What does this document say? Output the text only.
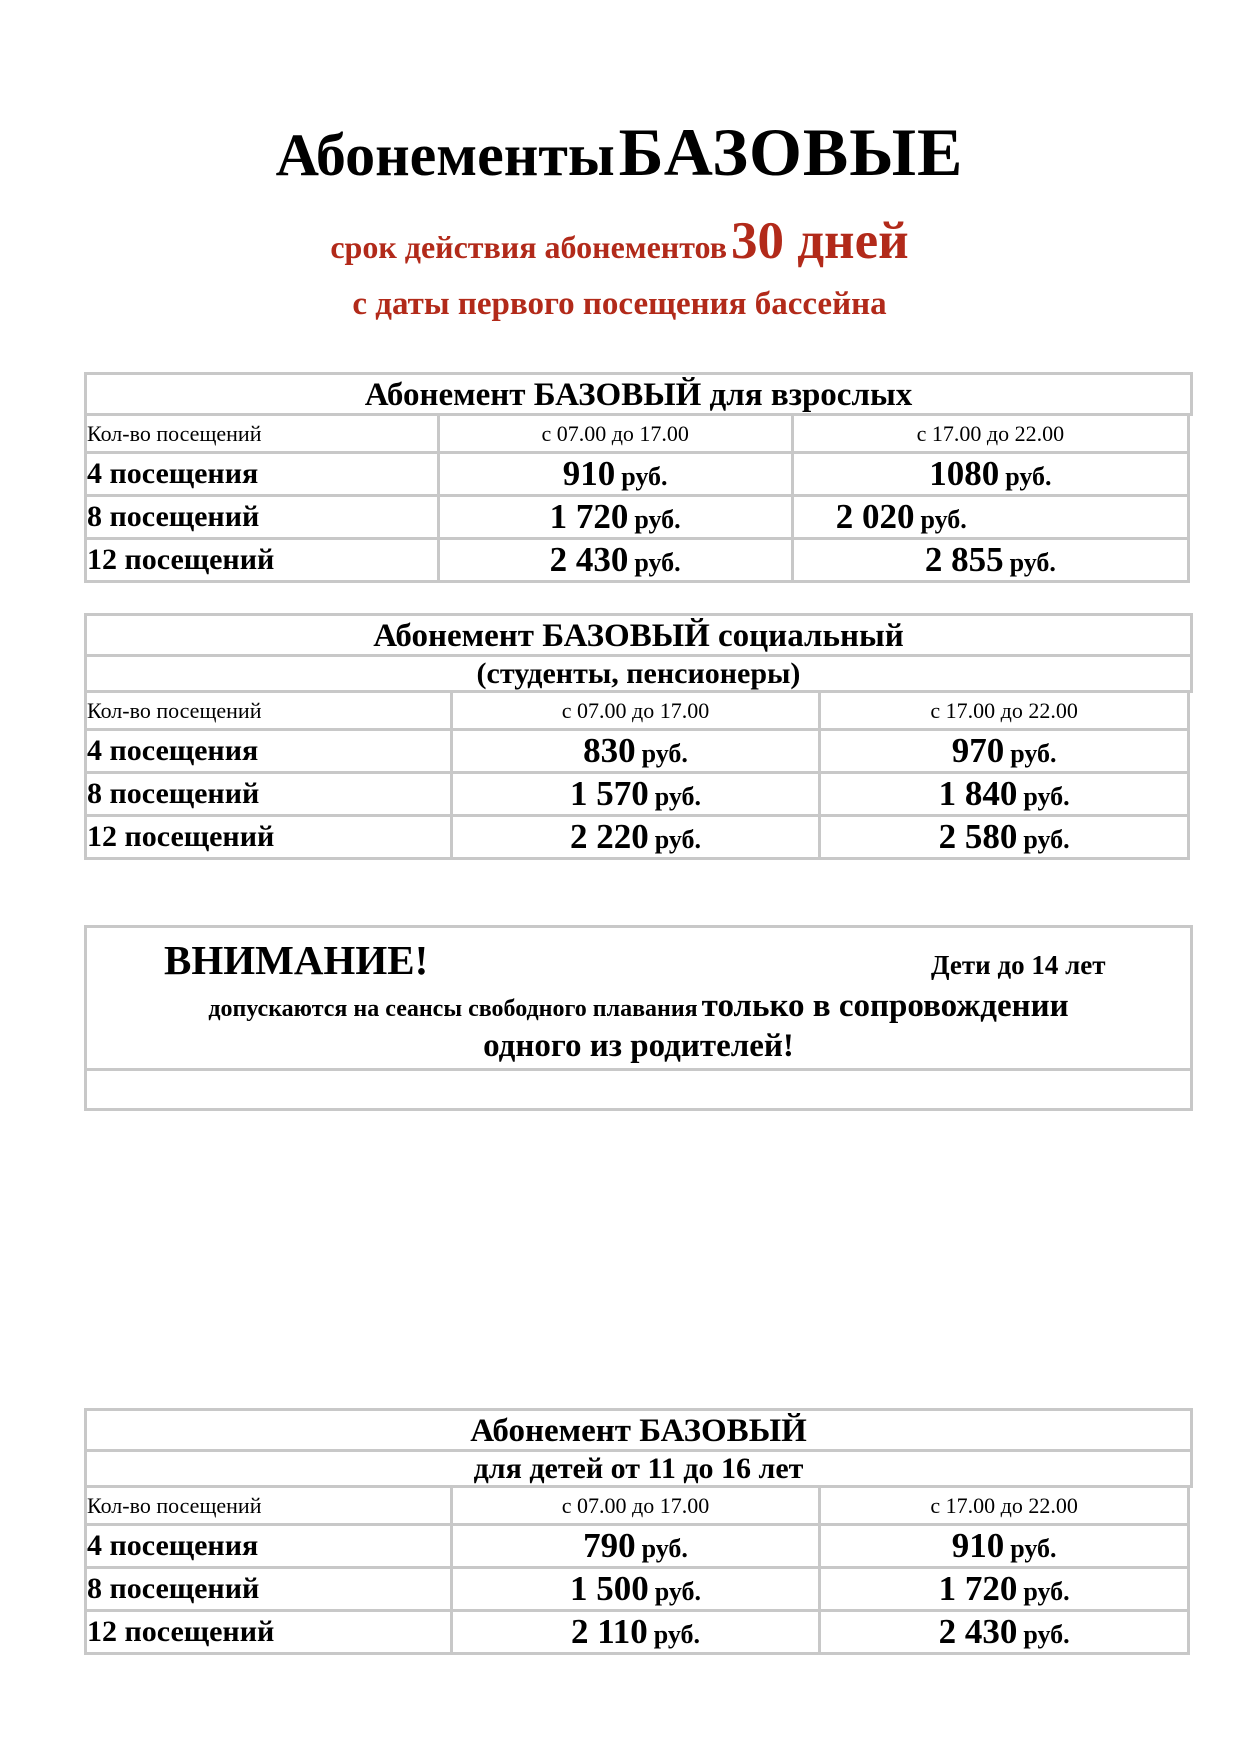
Абонементы БАЗОВЫЕ
срок действия абонементов 30 дней
с даты первого посещения бассейна
Абонемент БАЗОВЫЙ для взрослых
Кол-во посещений	с 07.00 до 17.00	с 17.00 до 22.00
4 посещения	910 руб.	1080 руб.
8 посещений	1 720 руб.	2 020 руб.
12 посещений	2 430 руб.	2 855 руб.
Абонемент БАЗОВЫЙ социальный
(студенты, пенсионеры)
Кол-во посещений	с 07.00 до 17.00	с 17.00 до 22.00
4 посещения	830 руб.	970 руб.
8 посещений	1 570 руб.	1 840 руб.
12 посещений	2 220 руб.	2 580 руб.
ВНИМАНИЕ!	Дети до 14 лет
допускаются на сеансы свободного плавания только в сопровождении
одного из родителей!
Абонемент БАЗОВЫЙ
для детей от 11 до 16 лет
Кол-во посещений	с 07.00 до 17.00	с 17.00 до 22.00
4 посещения	790 руб.	910 руб.
8 посещений	1 500 руб.	1 720 руб.
12 посещений	2 110 руб.	2 430 руб.
